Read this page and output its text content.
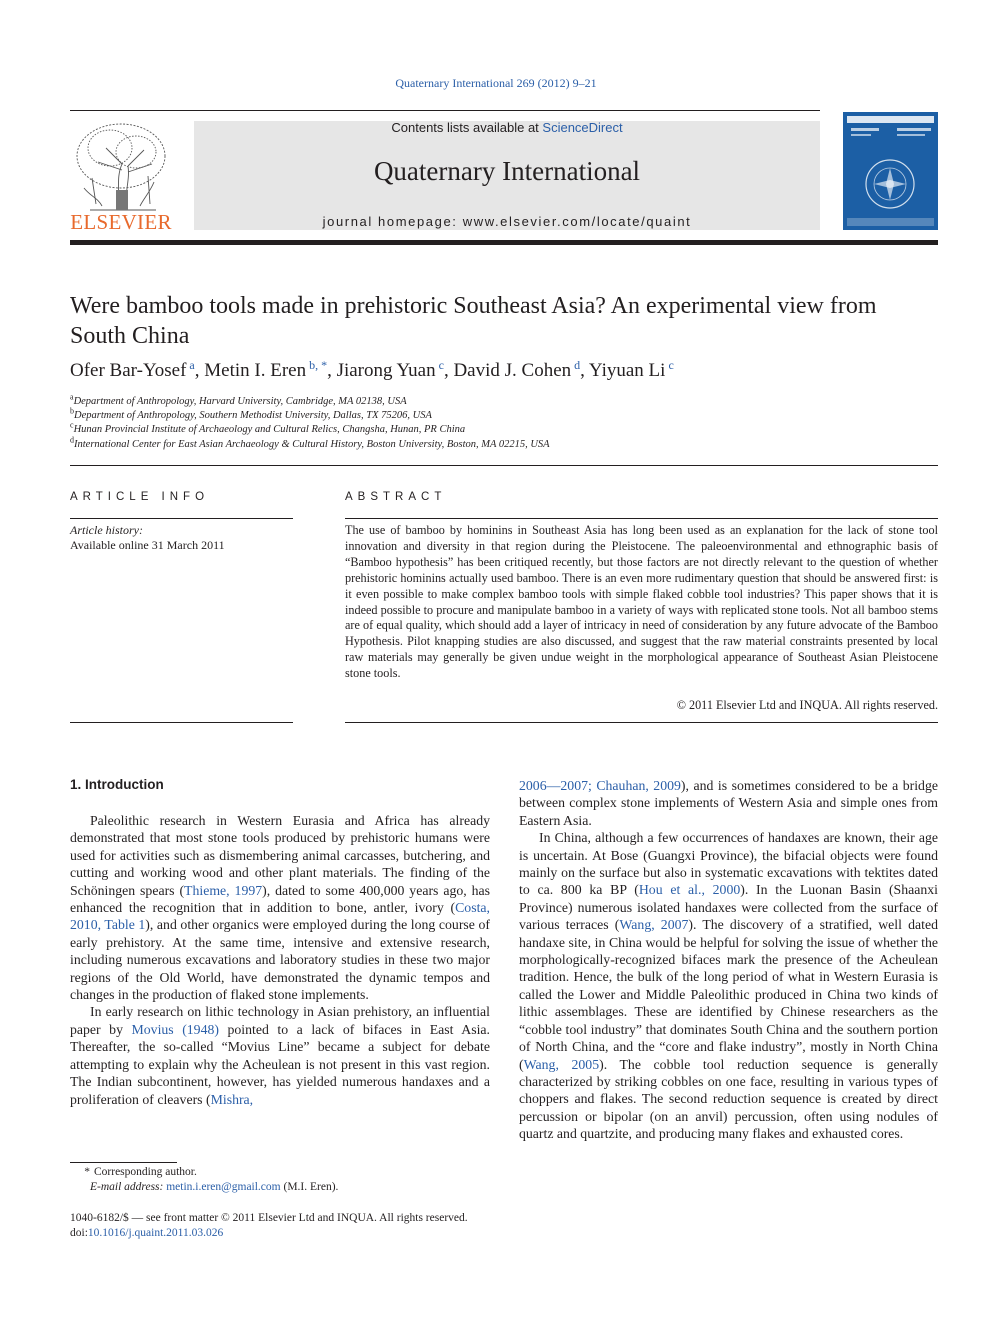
Quaternary International 269 (2012) 9–21
ELSEVIER
Contents lists available at ScienceDirect
Quaternary International
journal homepage: www.elsevier.com/locate/quaint
Were bamboo tools made in prehistoric Southeast Asia? An experimental view from South China
Ofer Bar-Yosef $^a$, Metin I. Eren $^{b, *}$, Jiarong Yuan $^c$, David J. Cohen $^d$, Yiyuan Li $^c$
$^a$Department of Anthropology, Harvard University, Cambridge, MA 02138, USA
$^b$Department of Anthropology, Southern Methodist University, Dallas, TX 75206, USA
$^c$Hunan Provincial Institute of Archaeology and Cultural Relics, Changsha, Hunan, PR China
$^d$International Center for East Asian Archaeology & Cultural History, Boston University, Boston, MA 02215, USA
ARTICLE INFO	ABSTRACT
Article history:
Available online 31 March 2011
The use of bamboo by hominins in Southeast Asia has long been used as an explanation for the lack of stone tool innovation and diversity in that region during the Pleistocene. The paleoenvironmental and ethnographic basis of “Bamboo hypothesis” has been critiqued recently, but those factors are not directly relevant to the question of whether prehistoric hominins actually used bamboo. There is an even more rudimentary question that should be answered first: is it even possible to make complex bamboo tools with simple flaked cobble tool industries? This paper shows that it is indeed possible to procure and manipulate bamboo in a variety of ways with replicated stone tools. Not all bamboo stems are of equal quality, which should add a layer of intricacy in need of consideration by any future advocate of the Bamboo Hypothesis. Pilot knapping studies are also discussed, and suggest that the raw material constraints presented by local raw materials may generally be given undue weight in the morphological appearance of Southeast Asian Pleistocene stone tools.
© 2011 Elsevier Ltd and INQUA. All rights reserved.
1. Introduction

Paleolithic research in Western Eurasia and Africa has already demonstrated that most stone tools produced by prehistoric humans were used for activities such as dismembering animal carcasses, butchering, and cutting and working wood and other plant materials. The finding of the Schöningen spears (Thieme, 1997), dated to some 400,000 years ago, has enhanced the recognition that in addition to bone, antler, ivory (Costa, 2010, Table 1), and other organics were employed during the long course of early prehistory. At the same time, intensive and extensive research, including numerous excavations and laboratory studies in these two major regions of the Old World, have demonstrated the dynamic tempos and changes in the production of flaked stone implements.

In early research on lithic technology in Asian prehistory, an influential paper by Movius (1948) pointed to a lack of bifaces in East Asia. Thereafter, the so-called “Movius Line” became a subject for debate attempting to explain why the Acheulean is not present in this vast region. The Indian subcontinent, however, has yielded numerous handaxes and a proliferation of cleavers (Mishra,

2006—2007; Chauhan, 2009), and is sometimes considered to be a bridge between complex stone implements of Western Asia and simple ones from Eastern Asia.

In China, although a few occurrences of handaxes are known, their age is uncertain. At Bose (Guangxi Province), the bifacial objects were found mainly on the surface but also in systematic excavations with tektites dated to ca. 800 ka BP (Hou et al., 2000). In the Luonan Basin (Shaanxi Province) numerous isolated handaxes were collected from the surface of various terraces (Wang, 2007). The discovery of a stratified, well dated handaxe site, in China would be helpful for solving the issue of whether the morphologically-recognized bifaces mark the presence of the Acheulean tradition. Hence, the bulk of the long period of what in Western Eurasia is called the Lower and Middle Paleolithic produced in China two kinds of lithic assemblages. These are identified by Chinese researchers as the “cobble tool industry” that dominates South China and the southern portion of North China, and the “core and flake industry”, mostly in North China (Wang, 2005). The cobble tool reduction sequence is generally characterized by striking cobbles on one face, resulting in various types of choppers and flakes. The second reduction sequence is created by direct percussion or bipolar (on an anvil) percussion, often using nodules of quartz and quartzite, and producing many flakes and exhausted cores.

* Corresponding author.
E-mail address: metin.i.eren@gmail.com (M.I. Eren).
1040-6182/$ — see front matter © 2011 Elsevier Ltd and INQUA. All rights reserved.
doi:10.1016/j.quaint.2011.03.026
